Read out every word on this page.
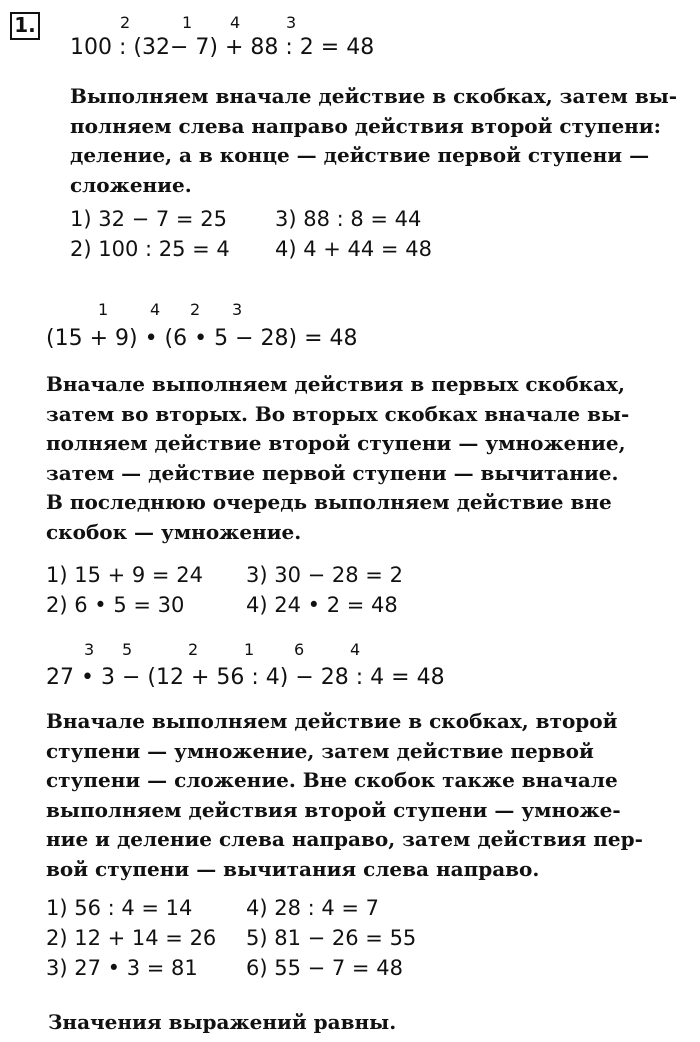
1.	2	1 4	3
100 : (32− 7) + 88 : 2 = 48
Выполняем вначале действие в скобках, затем вы-
полняем слева направо действия второй ступени:
деление, а в конце — действие первой ступени —
сложение.
1) 32 − 7 = 25 3) 88 : 8 = 44
2) 100 : 25 = 4 4) 4 + 44 = 48
1	4 2 3
(15 + 9) • (6 • 5 − 28) = 48
Вначале выполняем действия в первых скобках,
затем во вторых. Во вторых скобках вначале вы-
полняем действие второй ступени — умножение,
затем — действие первой ступени — вычитание.
В последнюю очередь выполняем действие вне
скобок — умножение.
1) 15 + 9 = 24 3) 30 − 28 = 2
2) 6 • 5 = 30	4) 24 • 2 = 48
3 5	2	1 6	4
27 • 3 − (12 + 56 : 4) − 28 : 4 = 48
Вначале выполняем действие в скобках, второй
ступени — умножение, затем действие первой
ступени — сложение. Вне скобок также вначале
выполняем действия второй ступени — умноже-
ние и деление слева направо, затем действия пер-
вой ступени — вычитания слева направо.
1) 56 : 4 = 14	4) 28 : 4 = 7
2) 12 + 14 = 26 5) 81 − 26 = 55
3) 27 • 3 = 81 6) 55 − 7 = 48
Значения выражений равны.
